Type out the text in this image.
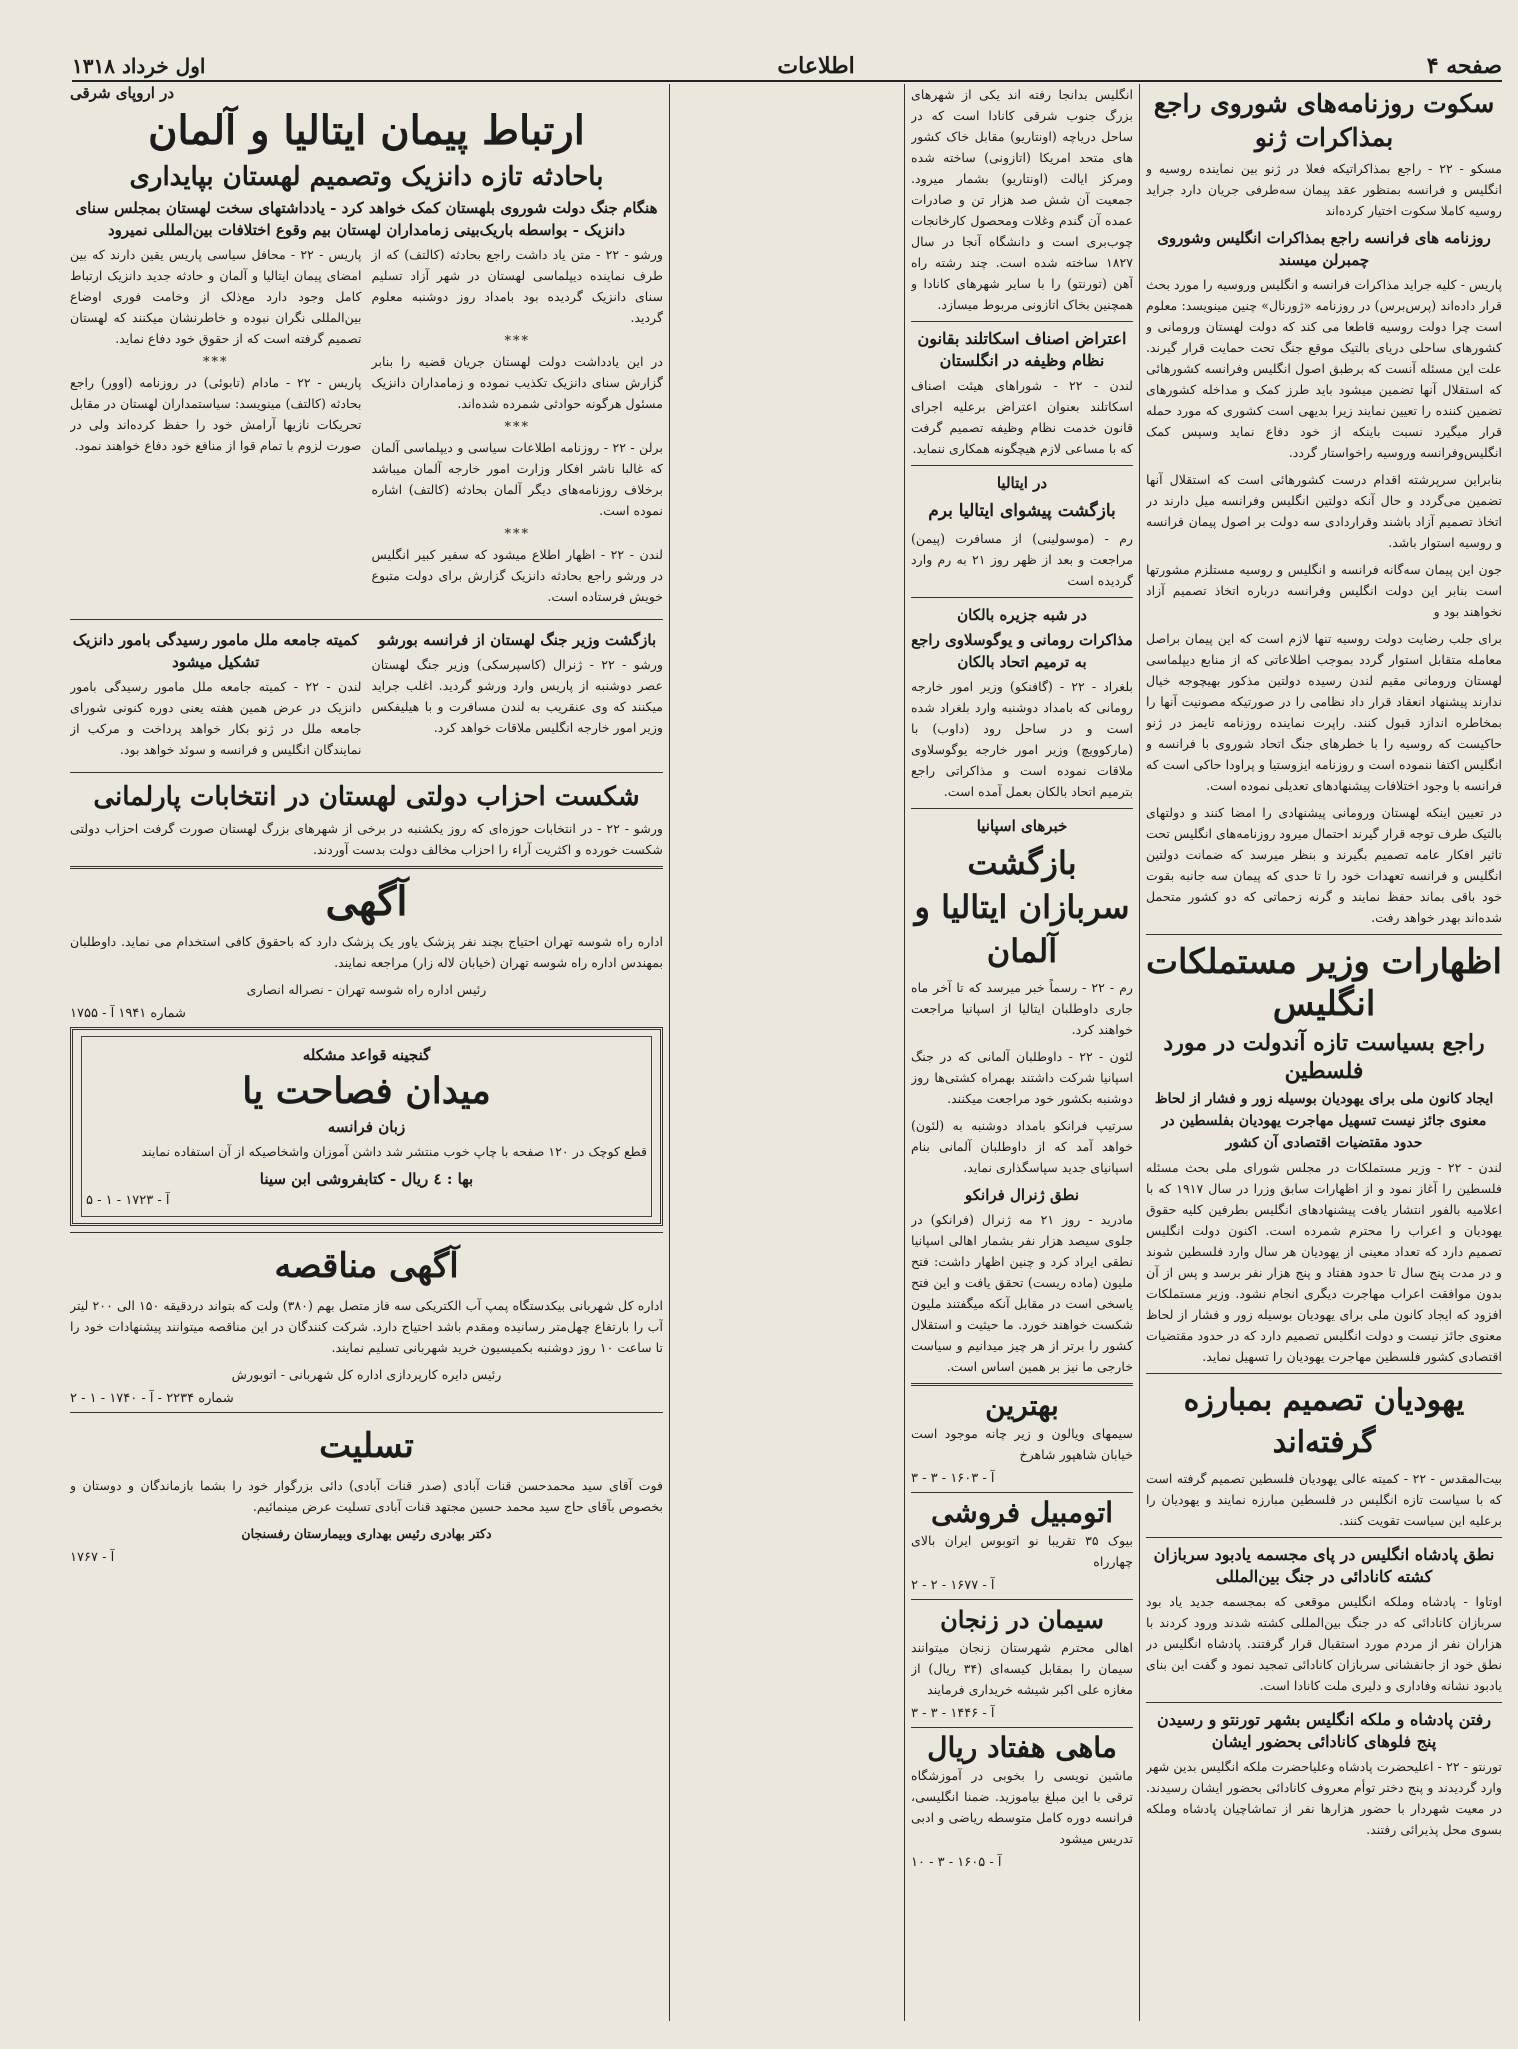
صفحه ۴
اطلاعات
اول خرداد ۱۳۱۸
سکوت روزنامه‌های شوروی راجع بمذاکرات ژنو

مسکو - ۲۲ - راجع بمذاکراتیکه فعلا در ژنو بین نماینده روسیه و انگلیس و فرانسه بمنظور عقد پیمان سه‌طرفی جریان دارد جراید روسیه کاملا سکوت اختیار کرده‌اند

روزنامه های فرانسه راجع بمذاکرات انگلیس وشوروی چمبرلن میسند

پاریس - کلیه جراید مذاکرات فرانسه و انگلیس وروسیه را مورد بحث قرار داده‌اند (پرس‌برس) در روزنامه «ژورنال» چنین مینویسد: معلوم است چرا دولت روسیه قاطعا می کند که دولت لهستان ورومانی و کشورهای ساحلی دریای بالتیک موقع جنگ تحت حمایت قرار گیرند. علت این مسئله آنست که برطبق اصول انگلیس وفرانسه کشورهائی که استقلال آنها تضمین میشود باید طرز کمک و مداخله کشورهای تضمین کننده را تعیین نمایند زیرا بدیهی است کشوری که مورد حمله قرار میگیرد نسبت باینکه از خود دفاع نماید وسپس کمک انگلیس‌وفرانسه وروسیه راخواستار گردد.

بنابراین سرپرشته اقدام درست کشورهائی است که استقلال آنها تضمین می‌گردد و حال آنکه دولتین انگلیس وفرانسه میل دارند در اتخاذ تصمیم آزاد باشند وقراردادی سه دولت بر اصول پیمان فرانسه و روسیه استوار باشد.

جون این پیمان سه‌گانه فرانسه و انگلیس و روسیه مستلزم مشورتها است بنابر این دولت انگلیس وفرانسه درباره اتخاذ تصمیم آزاد نخواهند بود و

برای جلب رضایت دولت روسیه تنها لازم است که این پیمان براصل معامله متقابل استوار گردد بموجب اطلاعاتی که از منابع دیپلماسی لهستان ورومانی مقیم لندن رسیده دولتین مذکور بهیچوجه خیال ندارند پیشنهاد انعقاد قرار داد نظامی را در صورتیکه مصونیت آنها را بمخاطره اندازد قبول کنند. راپرت نماینده روزنامه تایمز در ژنو حاکیست که روسیه را با خطرهای جنگ اتحاد شوروی با فرانسه و انگلیس اکتفا ننموده است و روزنامه ایزوستیا و پراودا حاکی است که فرانسه با وجود اختلافات پیشنهادهای تعدیلی نموده است.

در تعیین اینکه لهستان ورومانی پیشنهادی را امضا کنند و دولتهای بالتیک طرف توجه قرار گیرند احتمال میرود روزنامه‌های انگلیس تحت تاثیر افکار عامه تصمیم بگیرند و بنظر میرسد که ضمانت دولتین انگلیس و فرانسه تعهدات خود را تا حدی که پیمان سه جانبه بقوت خود باقی بماند حفظ نمایند و گرنه زحماتی که دو کشور متحمل شده‌اند بهدر خواهد رفت.

اظهارات وزیر مستملکات انگلیس
راجع بسیاست تازه آندولت در مورد فلسطین
ایجاد کانون ملی برای یهودیان بوسیله زور و فشار از لحاظ معنوی جائز نیست تسهیل مهاجرت یهودیان بفلسطین در حدود مقتضیات اقتصادی آن کشور

لندن - ۲۲ - وزیر مستملکات در مجلس شورای ملی بحث مسئله فلسطین را آغاز نمود و از اظهارات سابق وزرا در سال ۱۹۱۷ که با اعلامیه بالفور انتشار یافت پیشنهادهای انگلیس بطرفین کلیه حقوق یهودیان و اعراب را محترم شمرده است. اکنون دولت انگلیس تصمیم دارد که تعداد معینی از یهودیان هر سال وارد فلسطین شوند و در مدت پنج سال تا حدود هفتاد و پنج هزار نفر برسد و پس از آن بدون موافقت اعراب مهاجرت دیگری انجام نشود. وزیر مستملکات افزود که ایجاد کانون ملی برای یهودیان بوسیله زور و فشار از لحاظ معنوی جائز نیست و دولت انگلیس تصمیم دارد که در حدود مقتضیات اقتصادی کشور فلسطین مهاجرت یهودیان را تسهیل نماید.

یهودیان تصمیم بمبارزه گرفته‌اند

بیت‌المقدس - ۲۲ - کمیته عالی یهودیان فلسطین تصمیم گرفته است که با سیاست تازه انگلیس در فلسطین مبارزه نمایند و یهودیان را برعلیه این سیاست تقویت کنند.

نطق پادشاه انگلیس در پای مجسمه یادبود سربازان کشته کانادائی در جنگ بین‌المللی

اوتاوا - پادشاه وملکه انگلیس موقعی که بمجسمه جدید یاد بود سربازان کانادائی که در جنگ بین‌المللی کشته شدند ورود کردند با هزاران نفر از مردم مورد استقبال قرار گرفتند. پادشاه انگلیس در نطق خود از جانفشانی سربازان کانادائی تمجید نمود و گفت این بنای یادبود نشانه وفاداری و دلیری ملت کانادا است.

رفتن پادشاه و ملکه انگلیس بشهر تورنتو و رسیدن پنج فلوهای کانادائی بحضور ایشان

تورنتو - ۲۲ - اعلیحضرت پادشاه وعلیاحضرت ملکه انگلیس بدین شهر وارد گردیدند و پنج دختر توأم معروف کانادائی بحضور ایشان رسیدند. در معیت شهردار با حضور هزارها نفر از تماشاچیان پادشاه وملکه بسوی محل پذیرائی رفتند.

انگلیس بدانجا رفته اند یکی از شهرهای بزرگ جنوب شرقی کانادا است که در ساحل دریاچه (اونتاریو) مقابل خاک کشور های متحد امریکا (اتازونی) ساخته شده ومرکز ایالت (اونتاریو) بشمار میرود. جمعیت آن شش صد هزار تن و صادرات عمده آن گندم وغلات ومحصول کارخانجات چوب‌بری است و دانشگاه آنجا در سال ۱۸۲۷ ساخته شده است. چند رشته راه آهن (تورنتو) را با سایر شهرهای کانادا و همچنین بخاک اتازونی مربوط میسازد.

اعتراض اصناف اسکاتلند بقانون نظام وظیفه در انگلستان

لندن - ۲۲ - شوراهای هیئت اصناف اسکاتلند بعنوان اعتراض برعلیه اجرای قانون خدمت نظام وظیفه تصمیم گرفت که با مساعی لازم هیچگونه همکاری ننماید.

در ایتالیا
بازگشت پیشوای ایتالیا برم

رم - (موسولینی) از مسافرت (پیمن) مراجعت و بعد از ظهر روز ۲۱ به رم وارد گردیده است

در شبه جزیره بالکان
مذاکرات رومانی و یوگوسلاوی راجع به ترمیم اتحاد بالکان

بلغراد - ۲۲ - (گافنکو) وزیر امور خارجه رومانی که بامداد دوشنبه وارد بلغراد شده است و در ساحل رود (داوب) با (مارکوویچ) وزیر امور خارجه یوگوسلاوی ملاقات نموده است و مذاکراتی راجع بترمیم اتحاد بالکان بعمل آمده است.

خبرهای اسپانیا
بازگشت سربازان ایتالیا و آلمان

رم - ۲۲ - رسماً خبر میرسد که تا آخر ماه جاری داوطلبان ایتالیا از اسپانیا مراجعت خواهند کرد.

لئون - ۲۲ - داوطلبان آلمانی که در جنگ اسپانیا شرکت داشتند بهمراه کشتی‌ها روز دوشنبه بکشور خود مراجعت میکنند.

سرتیپ فرانکو بامداد دوشنبه به (لئون) خواهد آمد که از داوطلبان آلمانی بنام اسپانیای جدید سپاسگذاری نماید.

نطق ژنرال فرانکو

مادرید - روز ۲۱ مه ژنرال (فرانکو) در جلوی سیصد هزار نفر بشمار اهالی اسپانیا نطقی ایراد کرد و چنین اظهار داشت: فتح ملیون (ماده ریست) تحقق یافت و این فتح یاسخی است در مقابل آنکه میگفتند ملیون شکست خواهند خورد. ما حیثیت و استقلال کشور را برتر از هر چیز میدانیم و سیاست خارجی ما نیز بر همین اساس است.

بهترین

سیمهای ویالون و زیر چانه موجود است خیابان شاهپور شاهرخ

آ - ۱۶۰۳ - ۳ - ۳
اتومبیل فروشی

بیوک ۳۵ تقریبا نو اتوبوس ایران بالای چهارراه

آ - ۱۶۷۷ - ۲ - ۲
سیمان در زنجان

اهالی محترم شهرستان زنجان میتوانند سیمان را بمقابل کیسه‌ای (۳۴ ریال) از مغازه علی اکبر شیشه خریداری فرمایند

آ - ۱۴۴۶ - ۳ - ۳
ماهی هفتاد ریال

ماشین نویسی را بخوبی در آموزشگاه ترقی با این مبلغ بیاموزید. ضمنا انگلیسی، فرانسه دوره کامل متوسطه ریاضی و ادبی تدریس میشود

آ - ۱۶۰۵ - ۳ - ۱۰
در اروپای شرقی
ارتباط پیمان ایتالیا و آلمان
باحادثه تازه دانزیک وتصمیم لهستان بپایداری
هنگام جنگ دولت شوروی بلهستان کمک خواهد کرد - یادداشتهای سخت لهستان بمجلس سنای دانزیک - بواسطه باریک‌بینی زمامداران لهستان بیم وقوع اختلافات بین‌المللی نمیرود

ورشو - ۲۲ - متن یاد داشت راجع بحادثه (کالتف) که از طرف نماینده دیپلماسی لهستان در شهر آزاد تسلیم سنای دانزیک گردیده بود بامداد روز دوشنبه معلوم گردید.

***

در این یادداشت دولت لهستان جریان قضیه را بنابر گزارش سنای دانزیک تکذیب نموده و زمامداران دانزیک مسئول هرگونه حوادثی شمرده شده‌اند.

***

برلن - ۲۲ - روزنامه اطلاعات سیاسی و دیپلماسی آلمان که غالبا ناشر افکار وزارت امور خارجه آلمان میباشد برخلاف روزنامه‌های دیگر آلمان بحادثه (کالتف) اشاره نموده است.

***

لندن - ۲۲ - اظهار اطلاع میشود که سفیر کبیر انگلیس در ورشو راجع بحادثه دانزیک گزارش برای دولت متبوع خویش فرستاده است.

پاریس - ۲۲ - محافل سیاسی پاریس یقین دارند که بین امضای پیمان ایتالیا و آلمان و حادثه جدید دانزیک ارتباط کامل وجود دارد مع‌ذلک از وخامت فوری اوضاع بین‌المللی نگران نبوده و خاطرنشان میکنند که لهستان تصمیم گرفته است که از حقوق خود دفاع نماید.

***

پاریس - ۲۲ - مادام (تابوئی) در روزنامه (اوور) راجع بحادثه (کالتف) مینویسد: سیاستمداران لهستان در مقابل تحریکات نازیها آرامش خود را حفظ کرده‌اند ولی در صورت لزوم با تمام قوا از منافع خود دفاع خواهند نمود.

بازگشت وزیر جنگ لهستان از فرانسه بورشو

ورشو - ۲۲ - ژنرال (کاسپرسکی) وزیر جنگ لهستان عصر دوشنبه از پاریس وارد ورشو گردید. اغلب جراید میکنند که وی عنقریب به لندن مسافرت و با هیلیفکس وزیر امور خارجه انگلیس ملاقات خواهد کرد.

کمیته جامعه ملل مامور رسیدگی بامور دانزیک تشکیل میشود

لندن - ۲۲ - کمیته جامعه ملل مامور رسیدگی بامور دانزیک در عرض همین هفته یعنی دوره کنونی شورای جامعه ملل در ژنو بکار خواهد پرداخت و مرکب از نمایندگان انگلیس و فرانسه و سوئد خواهد بود.

شکست احزاب دولتی لهستان در انتخابات پارلمانی

ورشو - ۲۲ - در انتخابات حوزه‌ای که روز یکشنبه در برخی از شهرهای بزرگ لهستان صورت گرفت احزاب دولتی شکست خورده و اکثریت آراء را احزاب مخالف دولت بدست آوردند.

آگهی

اداره راه شوسه تهران احتیاج بچند نفر پزشک یاور یک پزشک دارد که باحقوق کافی استخدام می نماید. داوطلبان بمهندس اداره راه شوسه تهران (خیابان لاله زار) مراجعه نمایند.

رئیس اداره راه شوسه تهران - نصراله انصاری

شماره ۱۹۴۱ آ - ۱۷۵۵
گنجینه قواعد مشکله
میدان فصاحت یا
زبان فرانسه

قطع کوچک در ۱۲۰ صفحه با چاپ خوب منتشر شد داشن آموزان واشخاصیکه از آن استفاده نمایند

بها : ٤ ریال - کتابفروشی ابن سینا
آ - ۱۷۲۳ - ۱ - ۵
آگهی مناقصه

اداره کل شهربانی بیکدستگاه پمپ آب الکتریکی سه فاز متصل بهم (۳۸۰) ولت که بتواند دردقیقه ۱۵۰ الی ۲۰۰ لیتر آب را بارتفاع چهل‌متر رسانیده ومقدم باشد احتیاج دارد. شرکت کنندگان در این مناقصه میتوانند پیشنهادات خود را تا ساعت ۱۰ روز دوشنبه بکمیسیون خرید شهربانی تسلیم نمایند.

رئیس دایره کارپردازی اداره کل شهربانی - اتوبورش

شماره ۲۲۳۴ - آ - ۱۷۴۰ - ۱ - ۲
تسلیت

فوت آقای سید محمدحسن قنات آبادی (صدر قنات آبادی) دائی بزرگوار خود را بشما بازماندگان و دوستان و بخصوص بآقای حاج سید محمد حسین مجتهد قنات آبادی تسلیت عرض مینمائیم.

دکتر بهادری رئیس بهداری وبیمارستان رفسنجان

آ - ۱۷۶۷
